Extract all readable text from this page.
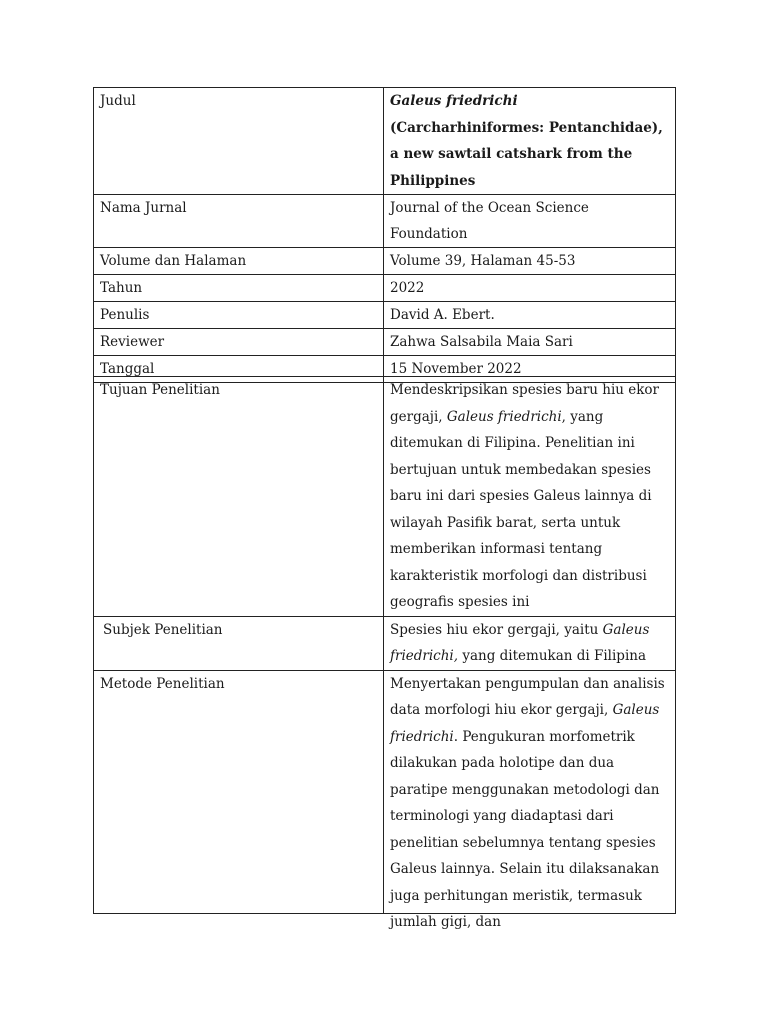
Judul	Galeus friedrichi (Carcharhiniformes: Pentanchidae), a new sawtail catshark from the Philippines
Nama Jurnal	Journal of the Ocean Science Foundation
Volume dan Halaman	Volume 39, Halaman 45-53
Tahun	2022
Penulis	David A. Ebert.
Reviewer	Zahwa Salsabila Maia Sari
Tanggal	15 November 2022
Tujuan Penelitian	Mendeskripsikan spesies baru hiu ekor gergaji, Galeus friedrichi, yang ditemukan di Filipina. Penelitian ini bertujuan untuk membedakan spesies baru ini dari spesies Galeus lainnya di wilayah Pasifik barat, serta untuk memberikan informasi tentang karakteristik morfologi dan distribusi geografis spesies ini
Subjek Penelitian	Spesies hiu ekor gergaji, yaitu Galeus friedrichi, yang ditemukan di Filipina
Metode Penelitian	Menyertakan pengumpulan dan analisis data morfologi hiu ekor gergaji, Galeus friedrichi. Pengukuran morfometrik dilakukan pada holotipe dan dua paratipe menggunakan metodologi dan terminologi yang diadaptasi dari penelitian sebelumnya tentang spesies Galeus lainnya. Selain itu dilaksanakan juga perhitungan meristik, termasuk jumlah gigi, dan
